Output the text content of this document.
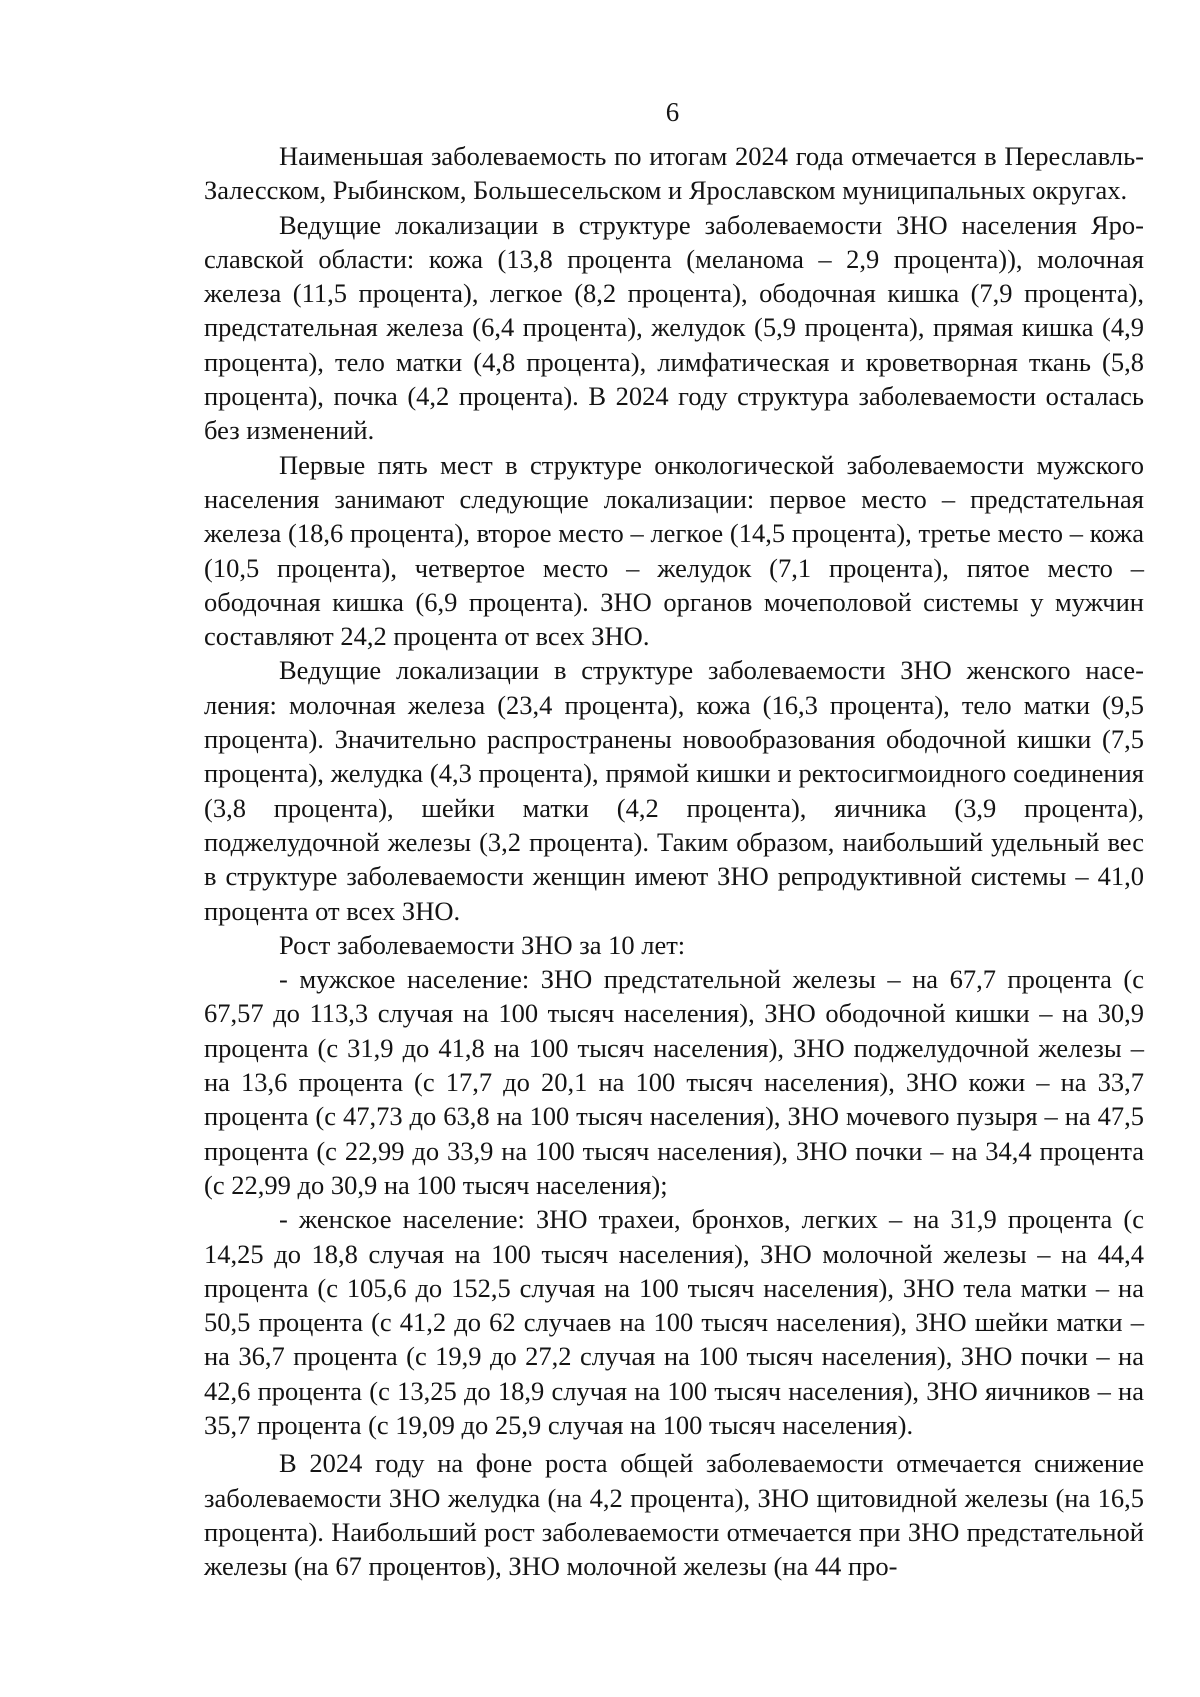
6

Наименьшая заболеваемость по итогам 2024 года отмечается в Переславль-Залесском, Рыбинском, Большесельском и Ярославском муниципальных округах.

Ведущие локализации в структуре заболеваемости ЗНО населения Ярославской области: кожа (13,8 процента (меланома – 2,9 процента)), молочная железа (11,5 процента), легкое (8,2 процента), ободочная кишка (7,9 процента), предстательная железа (6,4 процента), желудок (5,9 процента), прямая кишка (4,9 процента), тело матки (4,8 процента), лимфатическая и кроветворная ткань (5,8 процента), почка (4,2 процента). В 2024 году структура заболеваемости осталась без изменений.

Первые пять мест в структуре онкологической заболеваемости мужского населения занимают следующие локализации: первое место – предстательная железа (18,6 процента), второе место – легкое (14,5 процента), третье место – кожа (10,5 процента), четвертое место – желудок (7,1 процента), пятое место – ободочная кишка (6,9 процента). ЗНО органов мочеполовой системы у мужчин составляют 24,2 процента от всех ЗНО.

Ведущие локализации в структуре заболеваемости ЗНО женского населения: молочная железа (23,4 процента), кожа (16,3 процента), тело матки (9,5 процента). Значительно распространены новообразования ободочной кишки (7,5 процента), желудка (4,3 процента), прямой кишки и ректосигмоидного соединения (3,8 процента), шейки матки (4,2 процента), яичника (3,9 процента), поджелудочной железы (3,2 процента). Таким образом, наибольший удельный вес в структуре заболеваемости женщин имеют ЗНО репродуктивной системы – 41,0 процента от всех ЗНО.

Рост заболеваемости ЗНО за 10 лет:

- мужское население: ЗНО предстательной железы – на 67,7 процента (с 67,57 до 113,3 случая на 100 тысяч населения), ЗНО ободочной кишки – на 30,9 процента (с 31,9 до 41,8 на 100 тысяч населения), ЗНО поджелудочной железы – на 13,6 процента (с 17,7 до 20,1 на 100 тысяч населения), ЗНО кожи – на 33,7 процента (с 47,73 до 63,8 на 100 тысяч населения), ЗНО мочевого пузыря – на 47,5 процента (с 22,99 до 33,9 на 100 тысяч населения), ЗНО почки – на 34,4 процента (с 22,99 до 30,9 на 100 тысяч населения);

- женское население: ЗНО трахеи, бронхов, легких – на 31,9 процента (с 14,25 до 18,8 случая на 100 тысяч населения), ЗНО молочной железы – на 44,4 процента (с 105,6 до 152,5 случая на 100 тысяч населения), ЗНО тела матки – на 50,5 процента (с 41,2 до 62 случаев на 100 тысяч населения), ЗНО шейки матки – на 36,7 процента (с 19,9 до 27,2 случая на 100 тысяч населения), ЗНО почки – на 42,6 процента (с 13,25 до 18,9 случая на 100 тысяч населения), ЗНО яичников – на 35,7 процента (с 19,09 до 25,9 случая на 100 тысяч населения).

В 2024 году на фоне роста общей заболеваемости отмечается снижение заболеваемости ЗНО желудка (на 4,2 процента), ЗНО щитовидной железы (на 16,5 процента). Наибольший рост заболеваемости отмечается при ЗНО предстательной железы (на 67 процентов), ЗНО молочной железы (на 44 про-
